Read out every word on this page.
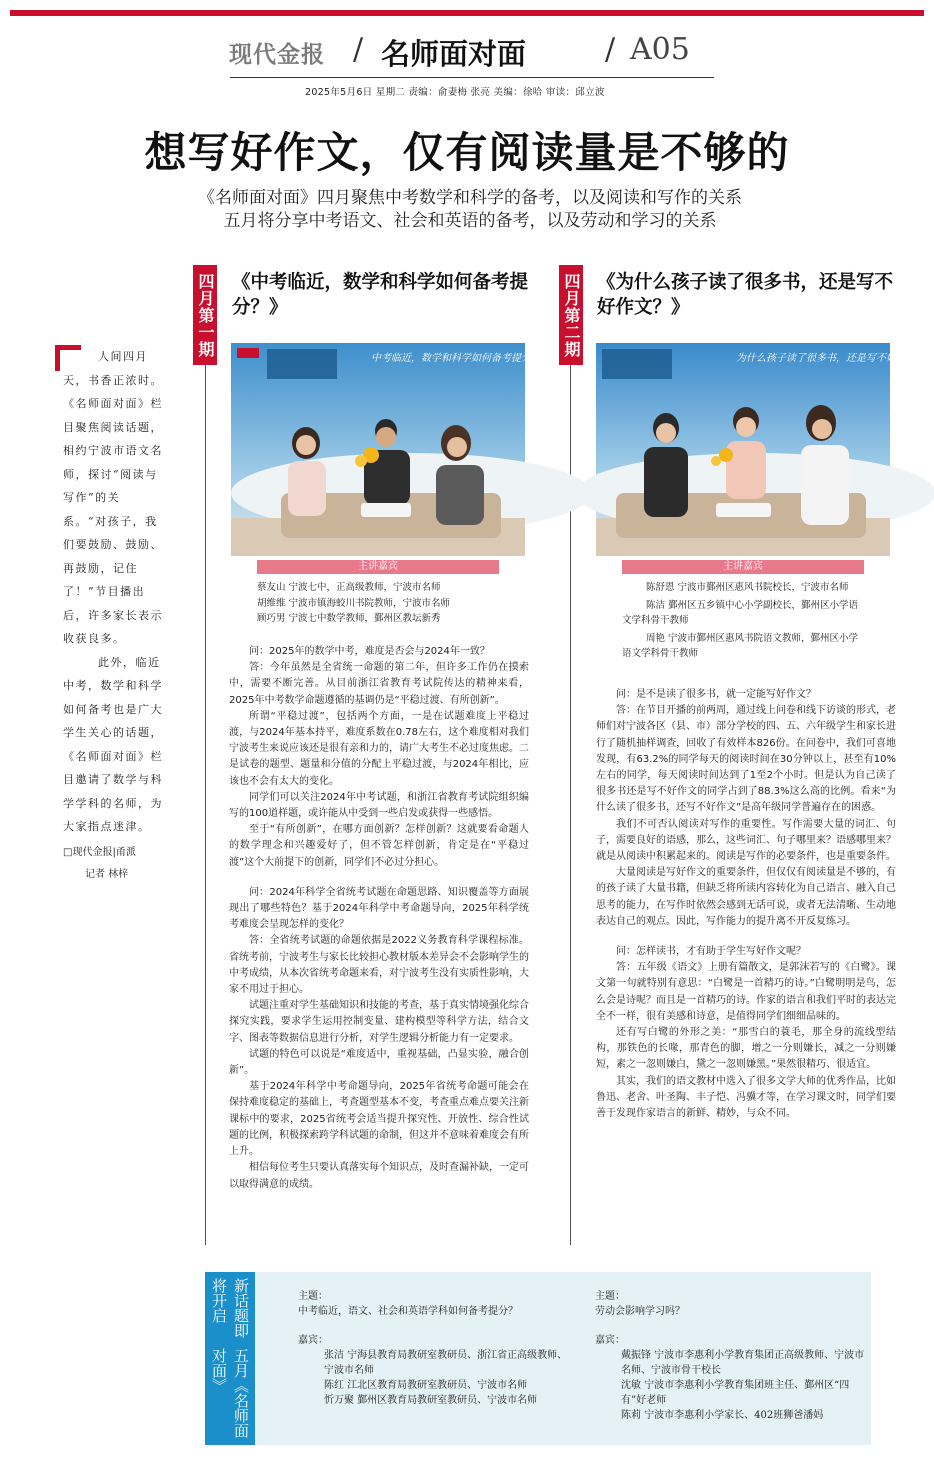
现代金报 / 名师面对面	/ A05
2025年5月6日 星期二 责编：俞妻梅 张亮 美编：徐哈 审读：邱立波
想写好作文，仅有阅读量是不够的
《名师面对面》四月聚焦中考数学和科学的备考，以及阅读和写作的关系
五月将分享中考语文、社会和英语的备考，以及劳动和学习的关系

人间四月天，书香正浓时。《名师面对面》栏目聚焦阅读话题，相约宁波市语文名师，探讨“阅读与写作”的关系。“对孩子，我们要鼓励、鼓励、再鼓励，记住了！”节目播出后，许多家长表示收获良多。

此外，临近中考，数学和科学如何备考也是广大学生关心的话题，《名师面对面》栏目邀请了数学与科学学科的名师，为大家指点迷津。

□现代金报|甬派
记者 林梓
四月第一期 《中考临近，数学和科学如何备考提分？》
中考临近，数学和科学如何备考提分？
主讲嘉宾
蔡友山 宁波七中，正高级教师，宁波市名师
胡维维 宁波市镇海蛟川书院教师，宁波市名师
顾巧男 宁波七中数学教师，鄞州区教坛新秀

问：2025年的数学中考，难度是否会与2024年一致？

答：今年虽然是全省统一命题的第二年，但许多工作仍在摸索中，需要不断完善。从目前浙江省教育考试院传达的精神来看，2025年中考数学命题遵循的基调仍是“平稳过渡、有所创新”。

所谓“平稳过渡”，包括两个方面，一是在试题难度上平稳过渡，与2024年基本持平，难度系数在0.78左右，这个难度相对我们宁波考生来说应该还是很有亲和力的，请广大考生不必过度焦虑。二是试卷的题型、题量和分值的分配上平稳过渡，与2024年相比，应该也不会有太大的变化。

同学们可以关注2024年中考试题，和浙江省教育考试院组织编写的100道样题，或许能从中受到一些启发或获得一些感悟。

至于“有所创新”，在哪方面创新？怎样创新？这就要看命题人的数学理念和兴趣爱好了，但不管怎样创新，肯定是在“平稳过渡”这个大前提下的创新，同学们不必过分担心。

问：2024年科学全省统考试题在命题思路、知识覆盖等方面展现出了哪些特色？基于2024年科学中考命题导向，2025年科学统考难度会呈现怎样的变化？

答：全省统考试题的命题依据是2022义务教育科学课程标准。省统考前，宁波考生与家长比较担心教材版本差异会不会影响学生的中考成绩，从本次省统考命题来看，对宁波考生没有实质性影响，大家不用过于担心。

试题注重对学生基础知识和技能的考查，基于真实情境强化综合探究实践，要求学生运用控制变量、建构模型等科学方法，结合文字、图表等数据信息进行分析，对学生逻辑分析能力有一定要求。

试题的特色可以说是“难度适中，重视基础，凸显实验，融合创新”。

基于2024年科学中考命题导向，2025年省统考命题可能会在保持难度稳定的基础上，考查题型基本不变，考查重点难点要关注新课标中的要求，2025省统考会适当提升探究性、开放性、综合性试题的比例，积极探索跨学科试题的命制，但这并不意味着难度会有所上升。

相信每位考生只要认真落实每个知识点，及时查漏补缺，一定可以取得满意的成绩。

四月第二期 《为什么孩子读了很多书，还是写不好作文？》
为什么孩子读了很多书，还是写不好作文？
主讲嘉宾

陈舒恩 宁波市鄞州区惠风书院校长，宁波市名师

陈洁 鄞州区五乡镇中心小学副校长，鄞州区小学语文学科骨干教师

周艳 宁波市鄞州区惠风书院语文教师，鄞州区小学语文学科骨干教师

问：是不是读了很多书，就一定能写好作文？

答：在节目开播的前两周，通过线上问卷和线下访谈的形式，老师们对宁波各区（县、市）部分学校的四、五、六年级学生和家长进行了随机抽样调查，回收了有效样本826份。在问卷中，我们可喜地发现，有63.2%的同学每天的阅读时间在30分钟以上，甚至有10%左右的同学，每天阅读时间达到了1至2个小时。但是认为自己读了很多书还是写不好作文的同学占到了88.3%这么高的比例。看来“为什么读了很多书，还写不好作文”是高年级同学普遍存在的困惑。

我们不可否认阅读对写作的重要性。写作需要大量的词汇、句子，需要良好的语感，那么，这些词汇、句子哪里来？语感哪里来？就是从阅读中积累起来的。阅读是写作的必要条件，也是重要条件。

大量阅读是写好作文的重要条件，但仅仅有阅读量是不够的，有的孩子读了大量书籍，但缺乏将所读内容转化为自己语言、融入自己思考的能力，在写作时依然会感到无话可说，或者无法清晰、生动地表达自己的观点。因此，写作能力的提升离不开反复练习。

问：怎样读书，才有助于学生写好作文呢？

答：五年级《语文》上册有篇散文，是郭沫若写的《白鹭》。课文第一句就特别有意思：“白鹭是一首精巧的诗。”白鹭明明是鸟，怎么会是诗呢？而且是一首精巧的诗。作家的语言和我们平时的表达完全不一样，很有美感和诗意，是值得同学们细细品味的。

还有写白鹭的外形之美：“那雪白的蓑毛，那全身的流线型结构，那铁色的长喙，那青色的脚，增之一分则嫌长，减之一分则嫌短，素之一忽则嫌白，黛之一忽则嫌黑。”果然很精巧、很适宜。

其实，我们的语文教材中选入了很多文学大师的优秀作品，比如鲁迅、老舍、叶圣陶、丰子恺、冯骥才等，在学习课文时，同学们要善于发现作家语言的新鲜、精妙，与众不同。

新话题即将开启
五月《名师面对面》
主题：
中考临近，语文、社会和英语学科如何备考提分？
嘉宾：
张洁 宁海县教育局教研室教研员、浙江省正高级教师、宁波市名师
陈红 江北区教育局教研室教研员、宁波市名师
忻万聚 鄞州区教育局教研室教研员、宁波市名师
主题：
劳动会影响学习吗？
嘉宾：
戴振锋 宁波市李惠利小学教育集团正高级教师、宁波市名师、宁波市骨干校长
沈敏 宁波市李惠利小学教育集团班主任、鄞州区“四有”好老师
陈莉 宁波市李惠利小学家长、402班狮爸潘妈
